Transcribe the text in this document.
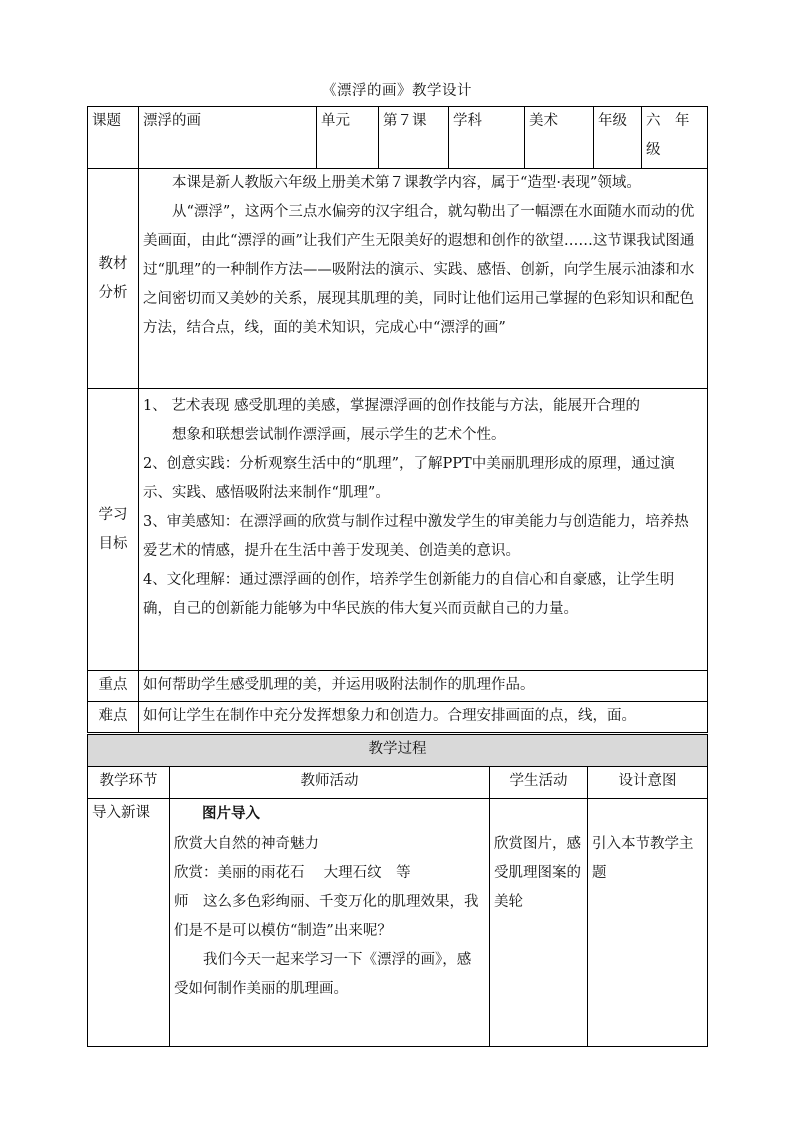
《漂浮的画》教学设计
课题	漂浮的画	单元	第７课	学科	美术	年级	六　年　级
教材分析	本课是新人教版六年级上册美术第７课教学内容，属于“造型·表现”领域。

从“漂浮”，这两个三点水偏旁的汉字组合，就勾勒出了一幅漂在水面随水而动的优美画面，由此“漂浮的画”让我们产生无限美好的遐想和创作的欲望……这节课我试图通过“肌理”的一种制作方法——吸附法的演示、实践、感悟、创新，向学生展示油漆和水之间密切而又美妙的关系，展现其肌理的美，同时让他们运用己掌握的色彩知识和配色方法，结合点，线，面的美术知识，完成心中“漂浮的画”						

学习目标	1、 艺术表现 感受肌理的美感，掌握漂浮画的创作技能与方法，能展开合理的

想象和联想尝试制作漂浮画，展示学生的艺术个性。

2、创意实践：分析观察生活中的“肌理”，了解PPT中美丽肌理形成的原理，通过演示、实践、感悟吸附法来制作“肌理”。

3、审美感知：在漂浮画的欣赏与制作过程中激发学生的审美能力与创造能力，培养热爱艺术的情感，提升在生活中善于发现美、创造美的意识。

4、文化理解：通过漂浮画的创作，培养学生创新能力的自信心和自豪感，让学生明确，自己的创新能力能够为中华民族的伟大复兴而贡献自己的力量。						

重点	如何帮助学生感受肌理的美，并运用吸附法制作的肌理作品。						
难点	如何让学生在制作中充分发挥想象力和创造力。合理安排画面的点，线，面。						
教学过程			
教学环节	教师活动	学生活动	设计意图
导入新课	图片导入

欣赏大自然的神奇魅力

欣赏：美丽的雨花石　 大理石纹　等

师　这么多色彩绚丽、千变万化的肌理效果，我们是不是可以模仿“制造”出来呢？

我们今天一起来学习一下《漂浮的画》，感受如何制作美丽的肌理画。	欣赏图片，感受肌理图案的美轮	引入本节教学主题
